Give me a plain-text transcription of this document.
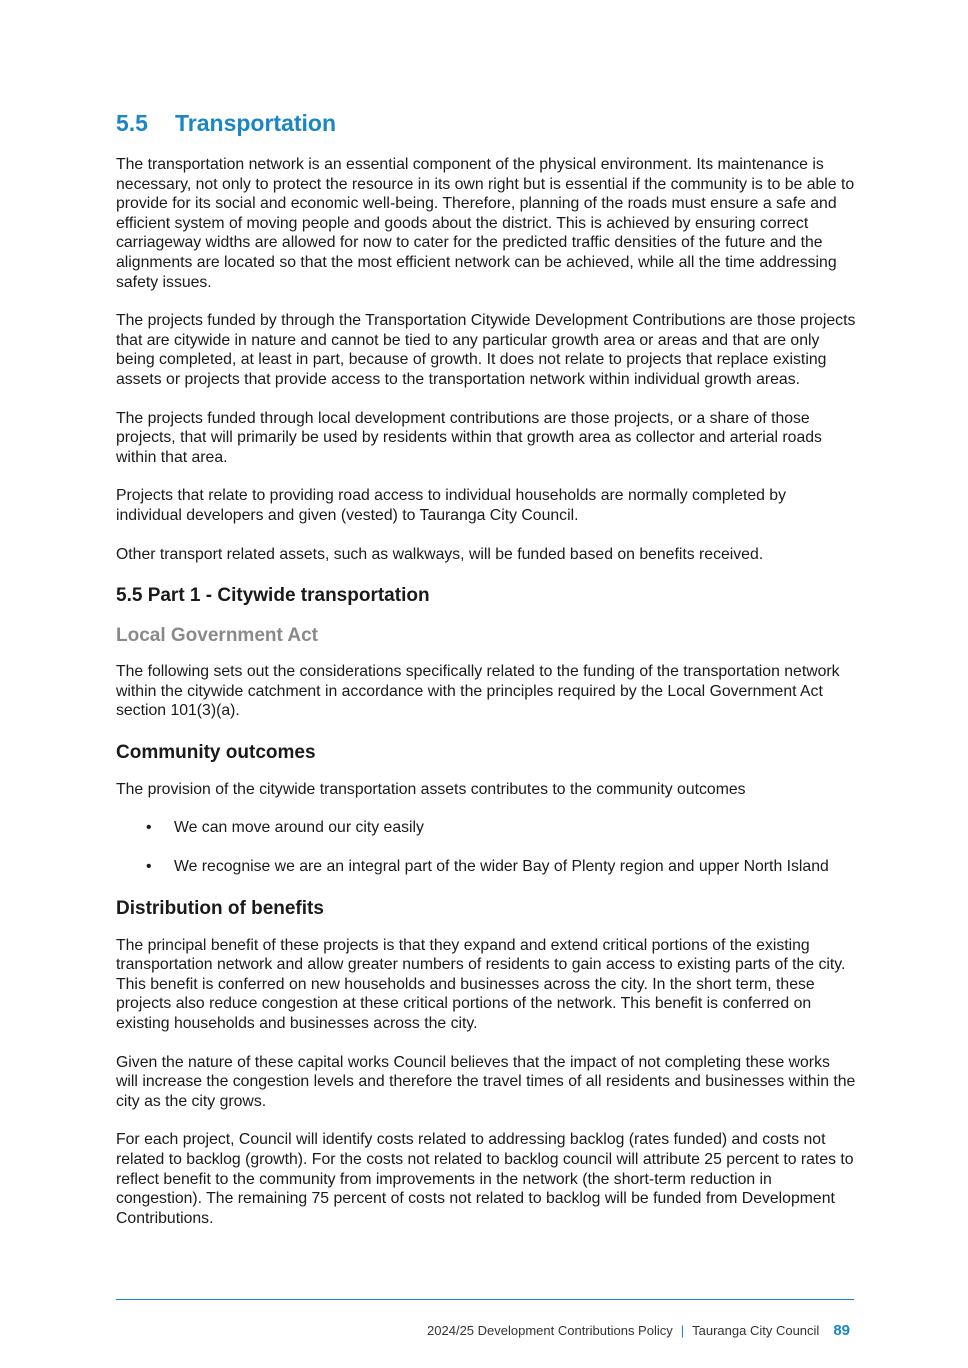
5.5	Transportation

The transportation network is an essential component of the physical environment. Its maintenance is necessary, not only to protect the resource in its own right but is essential if the community is to be able to provide for its social and economic well-being. Therefore, planning of the roads must ensure a safe and efficient system of moving people and goods about the district. This is achieved by ensuring correct carriageway widths are allowed for now to cater for the predicted traffic densities of the future and the alignments are located so that the most efficient network can be achieved, while all the time addressing safety issues.

The projects funded by through the Transportation Citywide Development Contributions are those projects that are citywide in nature and cannot be tied to any particular growth area or areas and that are only being completed, at least in part, because of growth. It does not relate to projects that replace existing assets or projects that provide access to the transportation network within individual growth areas.

The projects funded through local development contributions are those projects, or a share of those projects, that will primarily be used by residents within that growth area as collector and arterial roads within that area.

Projects that relate to providing road access to individual households are normally completed by individual developers and given (vested) to Tauranga City Council.

Other transport related assets, such as walkways, will be funded based on benefits received.

5.5 Part 1 - Citywide transportation
Local Government Act

The following sets out the considerations specifically related to the funding of the transportation network within the citywide catchment in accordance with the principles required by the Local Government Act section 101(3)(a).

Community outcomes

The provision of the citywide transportation assets contributes to the community outcomes

• We can move around our city easily
• We recognise we are an integral part of the wider Bay of Plenty region and upper North Island
Distribution of benefits

The principal benefit of these projects is that they expand and extend critical portions of the existing transportation network and allow greater numbers of residents to gain access to existing parts of the city. This benefit is conferred on new households and businesses across the city. In the short term, these projects also reduce congestion at these critical portions of the network. This benefit is conferred on existing households and businesses across the city.

Given the nature of these capital works Council believes that the impact of not completing these works will increase the congestion levels and therefore the travel times of all residents and businesses within the city as the city grows.

For each project, Council will identify costs related to addressing backlog (rates funded) and costs not related to backlog (growth). For the costs not related to backlog council will attribute 25 percent to rates to reflect benefit to the community from improvements in the network (the short-term reduction in congestion). The remaining 75 percent of costs not related to backlog will be funded from Development Contributions.

2024/25 Development Contributions Policy | Tauranga City Council 89
